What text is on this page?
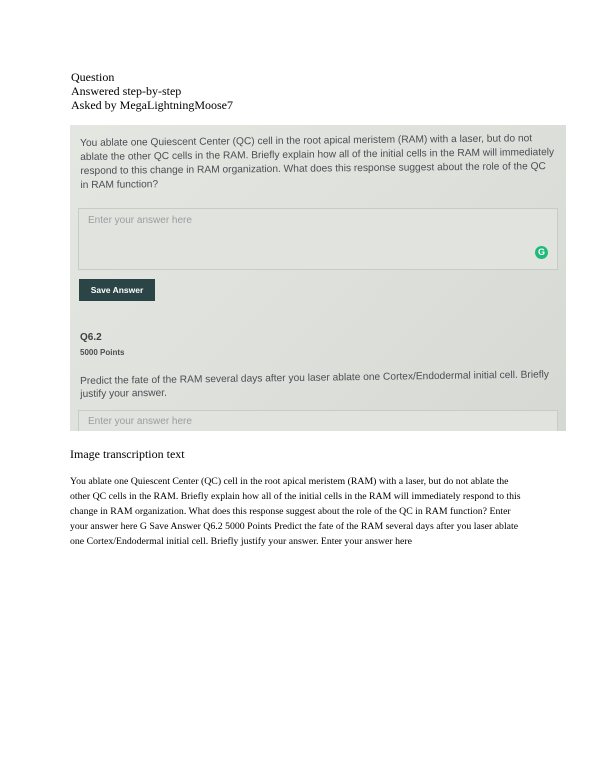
Question
Answered step-by-step
Asked by MegaLightningMoose7
You ablate one Quiescent Center (QC) cell in the root apical meristem (RAM) with a laser, but do not ablate the other QC cells in the RAM. Briefly explain how all of the initial cells in the RAM will immediately respond to this change in RAM organization. What does this response suggest about the role of the QC in RAM function?
Enter your answer here
G
Save Answer
Q6.2
5000 Points
Predict the fate of the RAM several days after you laser ablate one Cortex/Endodermal initial cell. Briefly justify your answer.
Enter your answer here
Image transcription text
You ablate one Quiescent Center (QC) cell in the root apical meristem (RAM) with a laser, but do not ablate the other QC cells in the RAM. Briefly explain how all of the initial cells in the RAM will immediately respond to this change in RAM organization. What does this response suggest about the role of the QC in RAM function? Enter your answer here G Save Answer Q6.2 5000 Points Predict the fate of the RAM several days after you laser ablate one Cortex/Endodermal initial cell. Briefly justify your answer. Enter your answer here
